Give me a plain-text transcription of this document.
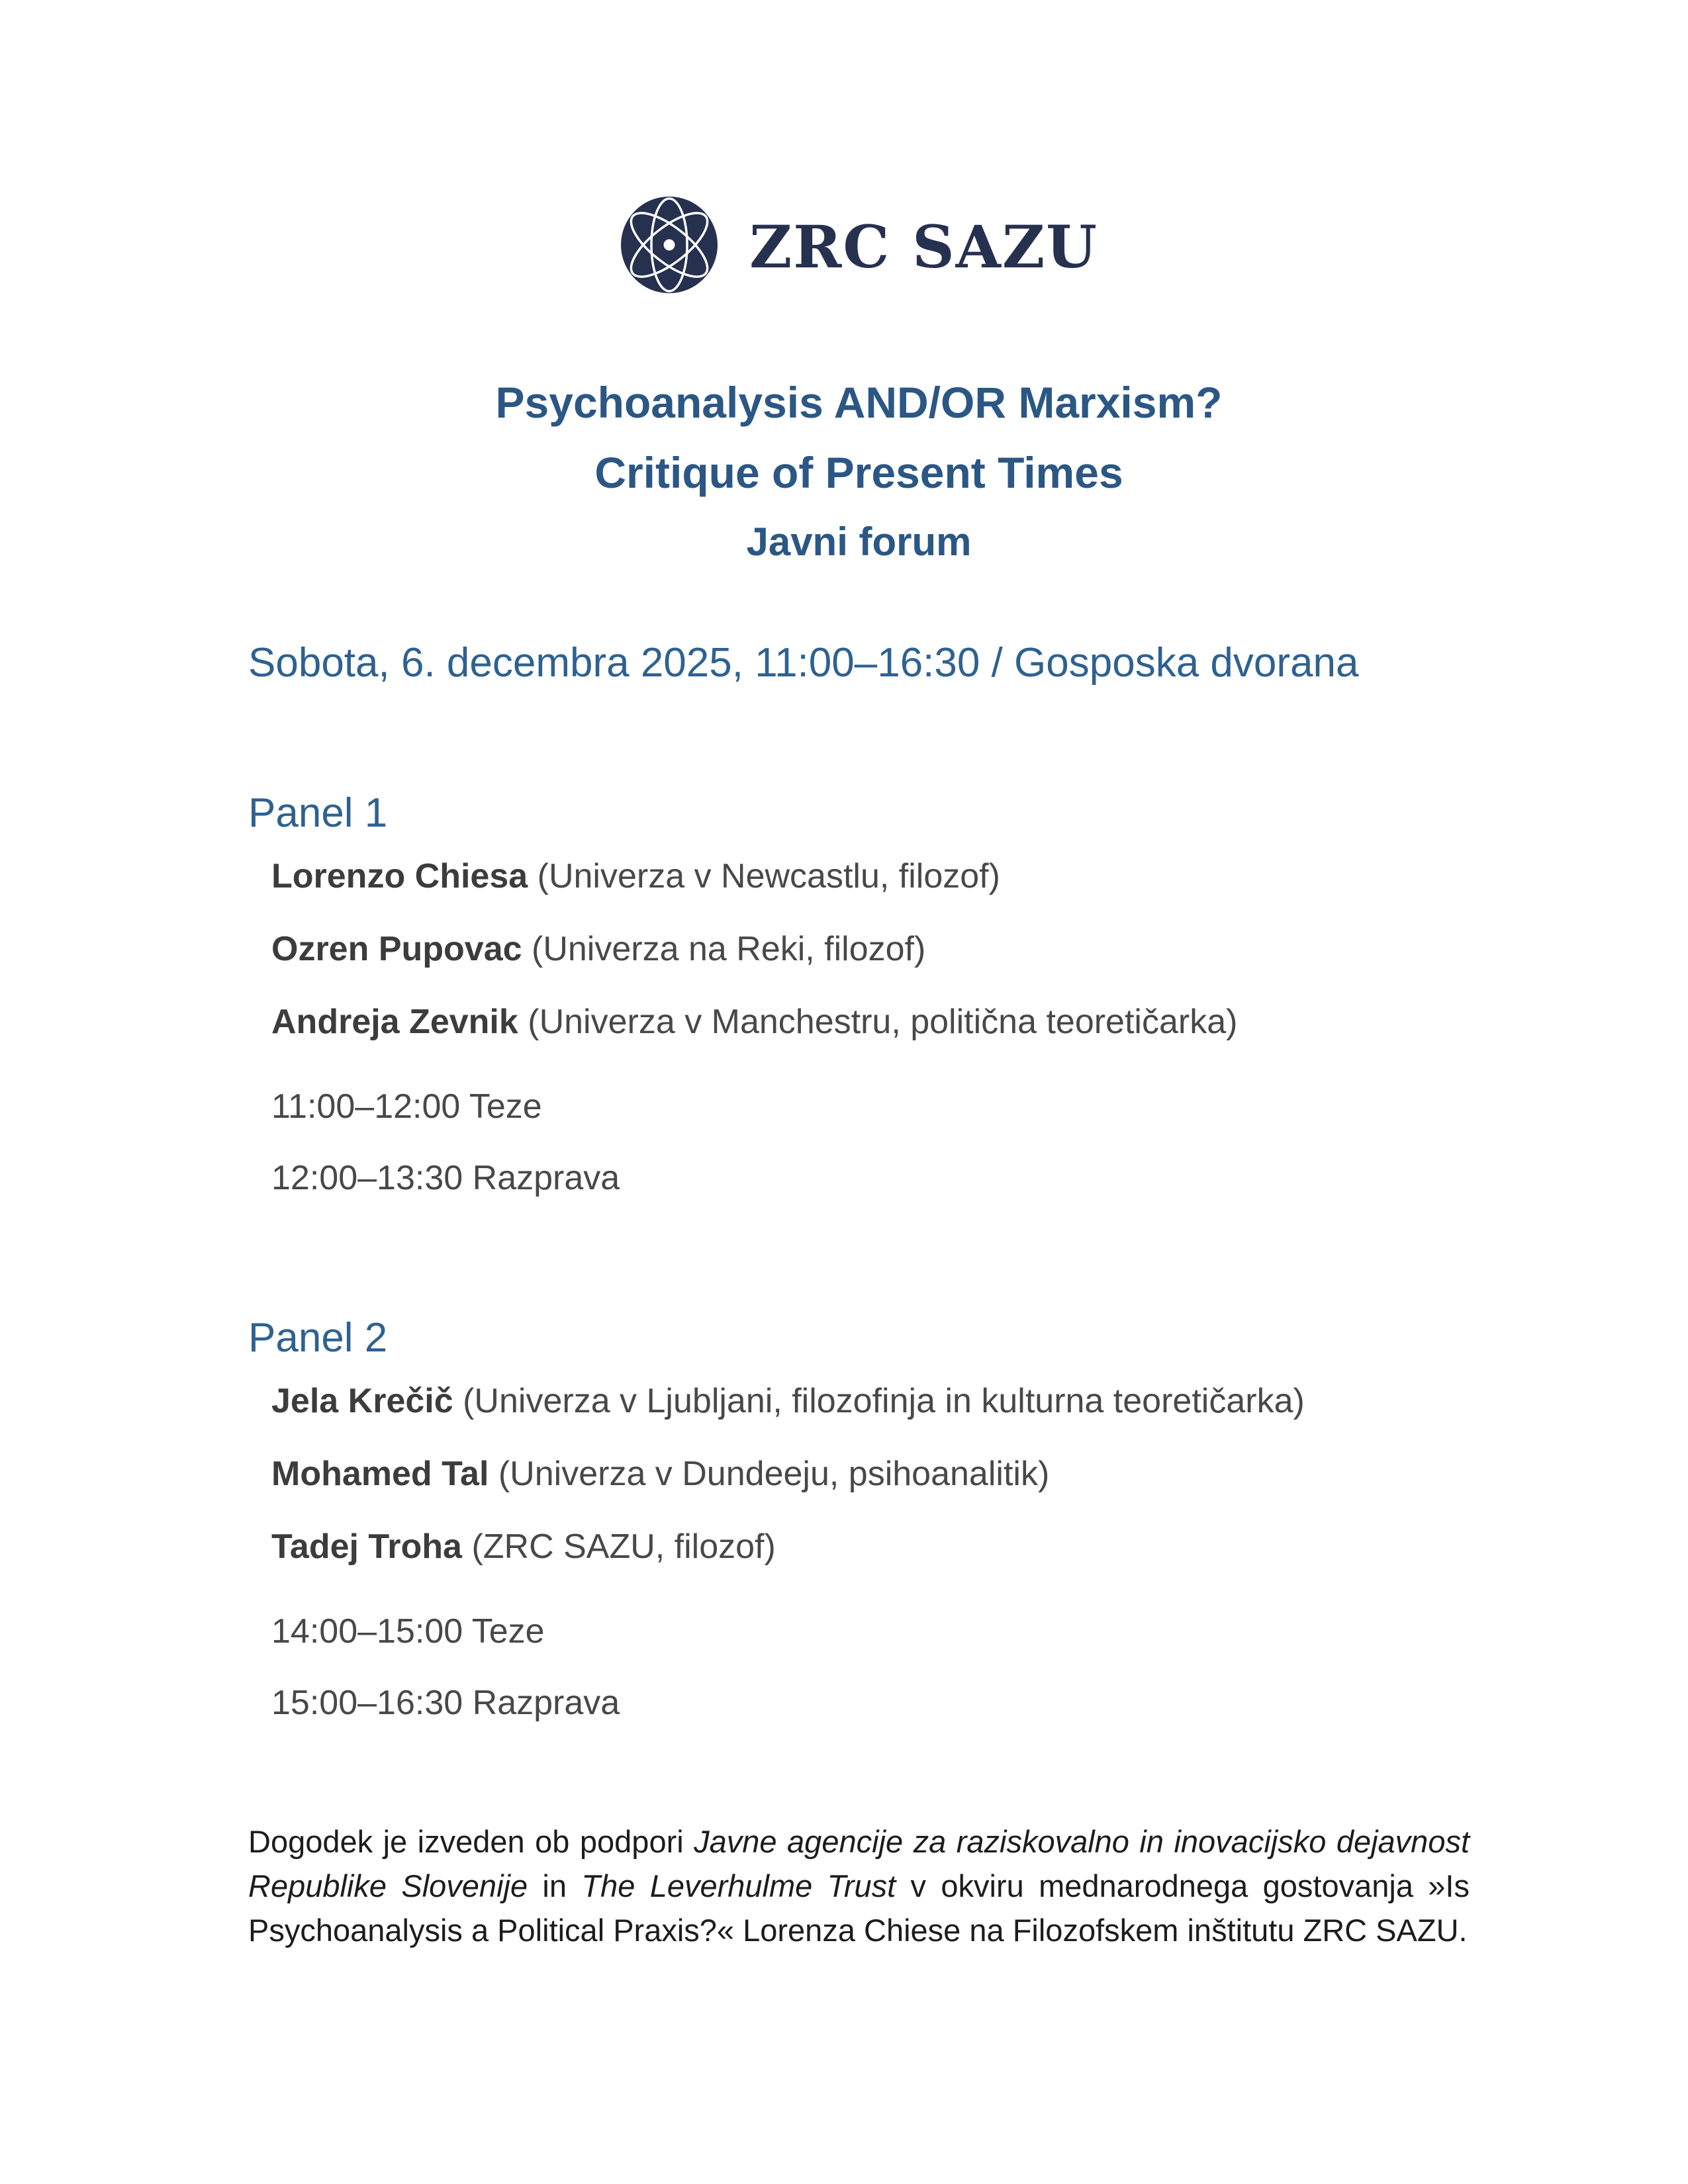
ZRC SAZU
Psychoanalysis AND/OR Marxism?
Critique of Present Times
Javni forum

Sobota, 6. decembra 2025, 11:00–16:30 / Gosposka dvorana

Panel 1

Lorenzo Chiesa (Univerza v Newcastlu, filozof)

Ozren Pupovac (Univerza na Reki, filozof)

Andreja Zevnik (Univerza v Manchestru, politična teoretičarka)

11:00–12:00 Teze

12:00–13:30 Razprava

Panel 2

Jela Krečič (Univerza v Ljubljani, filozofinja in kulturna teoretičarka)

Mohamed Tal (Univerza v Dundeeju, psihoanalitik)

Tadej Troha (ZRC SAZU, filozof)

14:00–15:00 Teze

15:00–16:30 Razprava

Dogodek je izveden ob podpori Javne agencije za raziskovalno in inovacijsko dejavnost Republike Slovenije in The Leverhulme Trust v okviru mednarodnega gostovanja »Is Psychoanalysis a Political Praxis?« Lorenza Chiese na Filozofskem inštitutu ZRC SAZU.
